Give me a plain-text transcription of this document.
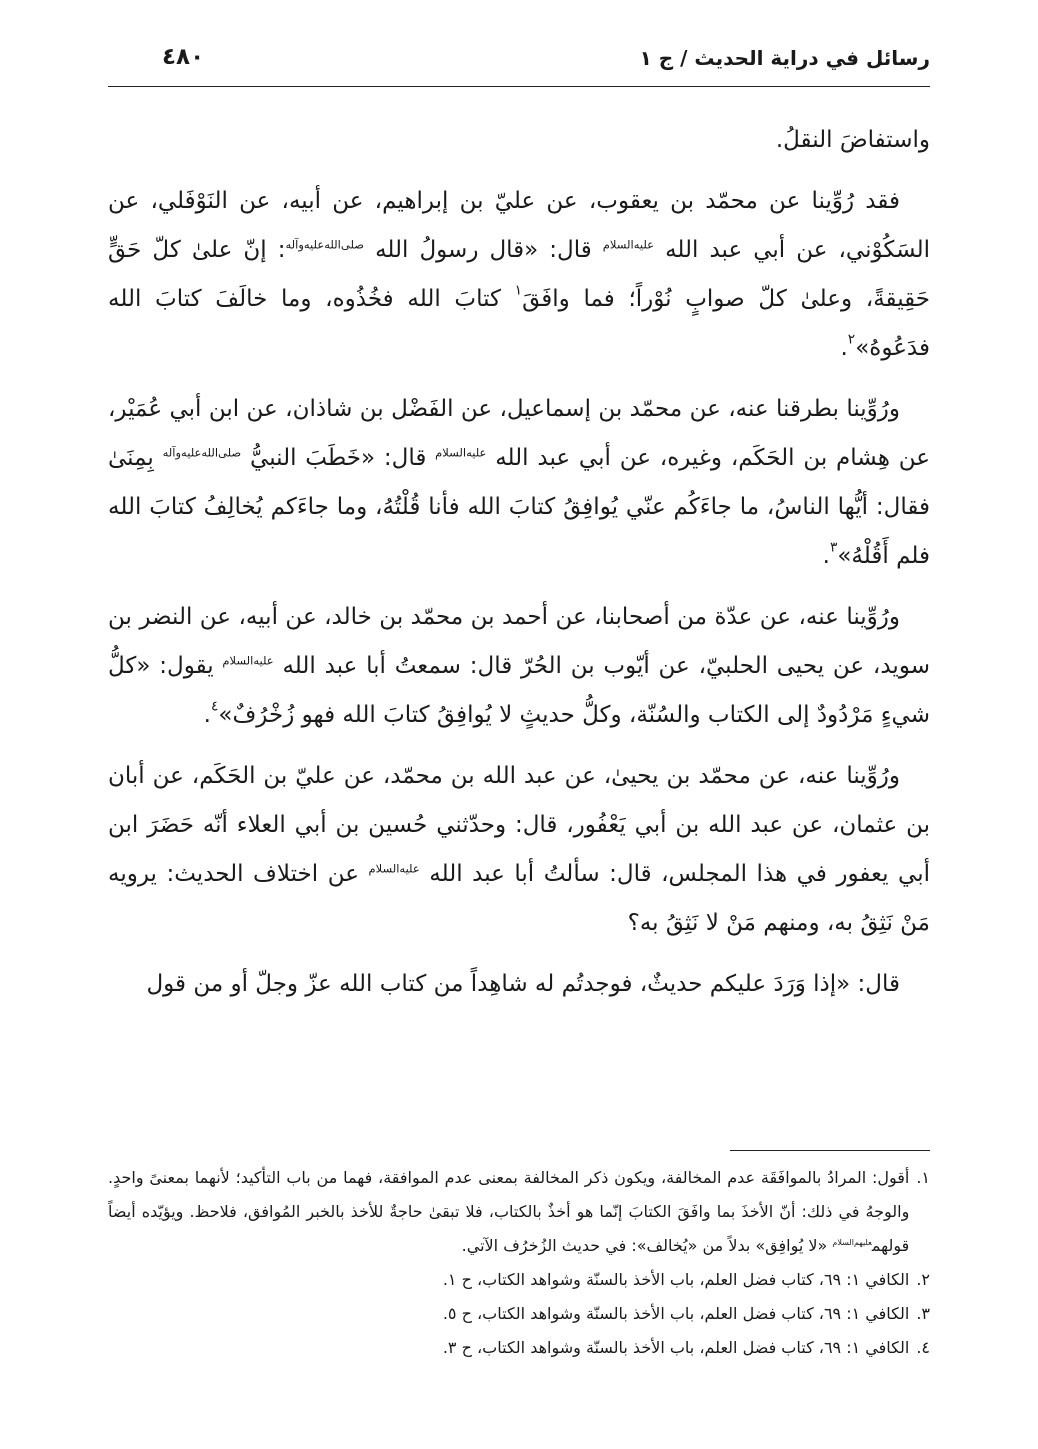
٤٨٠	رسائل في دراية الحديث / ج ١

واستفاضَ النقلُ.

فقد رُوِّينا عن محمّد بن يعقوب، عن عليّ بن إبراهيم، عن أبيه، عن النَوْفَلي، عن السَكُوْني، عن أبي عبد الله $^{عليه‌السلام}$ قال: «قال رسولُ الله $^{صلى‌الله‌عليه‌وآله}$: إنّ علىٰ كلّ حَقٍّ حَقِيقةً، وعلىٰ كلّ صوابٍ نُوْراً؛ فما وافَقَ$^١$ كتابَ الله فخُذُوه، وما خالَفَ كتابَ الله فدَعُوهُ»$^٢$.

ورُوِّينا بطرقنا عنه، عن محمّد بن إسماعيل، عن الفَضْل بن شاذان، عن ابن أبي عُمَيْر، عن هِشام بن الحَكَم، وغيره، عن أبي عبد الله $^{عليه‌السلام}$ قال: «خَطَبَ النبيُّ $^{صلى‌الله‌عليه‌وآله}$ بِمِنَىٰ فقال: أيُّها الناسُ، ما جاءَكُم عنّي يُوافِقُ كتابَ الله فأنا قُلْتُهُ، وما جاءَكم يُخالِفُ كتابَ الله فلم أَقُلْهُ»$^٣$.

ورُوِّينا عنه، عن عدّة من أصحابنا، عن أحمد بن محمّد بن خالد، عن أبيه، عن النضر بن سويد، عن يحيى الحلبيّ، عن أيّوب بن الحُرّ قال: سمعتُ أبا عبد الله $^{عليه‌السلام}$ يقول: «كلُّ شيءٍ مَرْدُودٌ إلى الكتاب والسُنّة، وكلُّ حديثٍ لا يُوافِقُ كتابَ الله فهو زُخْرُفٌ»$^٤$.

ورُوِّينا عنه، عن محمّد بن يحيىٰ، عن عبد الله بن محمّد، عن عليّ بن الحَكَم، عن أبان بن عثمان، عن عبد الله بن أبي يَعْفُور، قال: وحدّثني حُسين بن أبي العلاء أنّه حَضَرَ ابن أبي يعفور في هذا المجلس، قال: سألتُ أبا عبد الله $^{عليه‌السلام}$ عن اختلاف الحديث: يرويه مَنْ نَثِقُ به، ومنهم مَنْ لا نَثِقُ به؟

قال: «إذا وَرَدَ عليكم حديثٌ، فوجدتُم له شاهِداً من كتاب الله عزّ وجلّ أو من قول

١.
أقول: المرادُ بالموافَقَة عدم المخالفة، ويكون ذكر المخالفة بمعنى عدم الموافقة، فهما من باب التأكيد؛ لأنهما بمعنىً واحدٍ. والوجهُ في ذلك: أنّ الأخذَ بما وافَقَ الكتابَ إنّما هو أخذٌ بالكتاب، فلا تبقىٰ حاجةٌ للأخذ بالخبر المُوافق، فلاحظ. ويؤيّده أيضاً قولهم$^{عليهم‌السلام}$ «لا يُوافِق» بدلاً من «يُخالف»: في حديث الزُخرُف الآتي.
٢.
الكافي ١: ٦٩، كتاب فضل العلم، باب الأخذ بالسنّة وشواهد الكتاب، ح ١.
٣.
الكافي ١: ٦٩، كتاب فضل العلم، باب الأخذ بالسنّة وشواهد الكتاب، ح ٥.
٤.
الكافي ١: ٦٩، كتاب فضل العلم، باب الأخذ بالسنّة وشواهد الكتاب، ح ٣.
